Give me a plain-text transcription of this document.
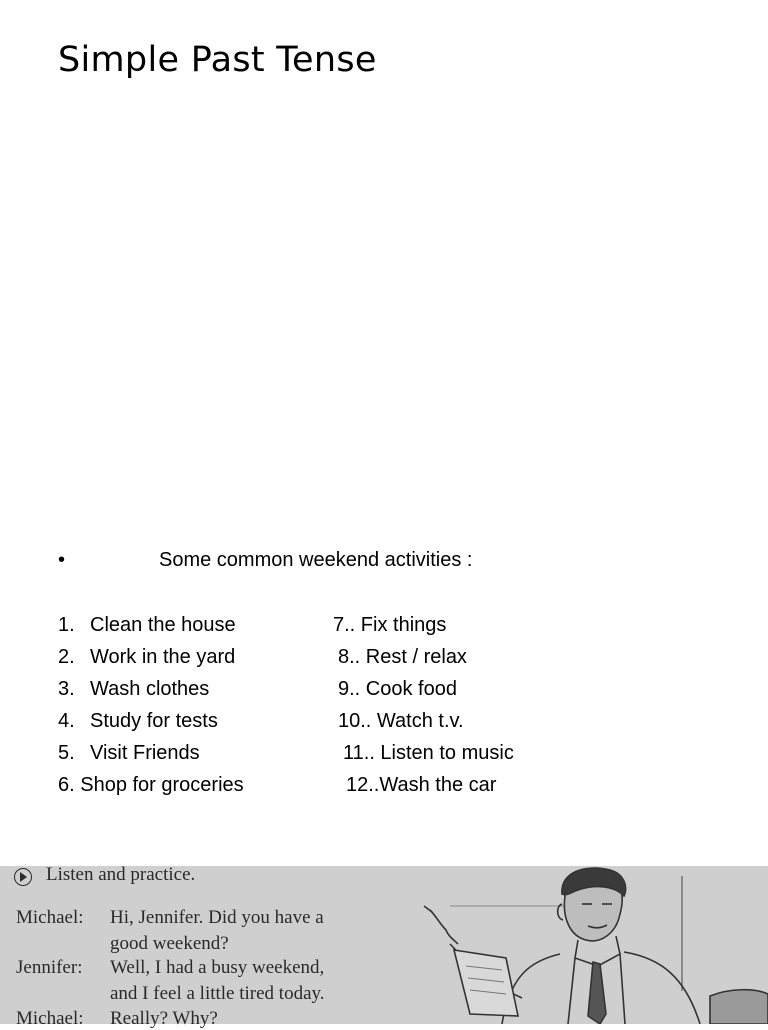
Simple Past Tense
•	Some common weekend activities :
1. Clean the house
2. Work in the yard
3. Wash clothes
4. Study for tests
5. Visit Friends
6. Shop for groceries
7.. Fix things
8.. Rest / relax
9.. Cook food
10.. Watch t.v.
11.. Listen to music
12..Wash the car
Listen and practice.
Michael: Hi, Jennifer. Did you have a
good weekend?
Jennifer: Well, I had a busy weekend,
and I feel a little tired today.
Michael: Really? Why?
